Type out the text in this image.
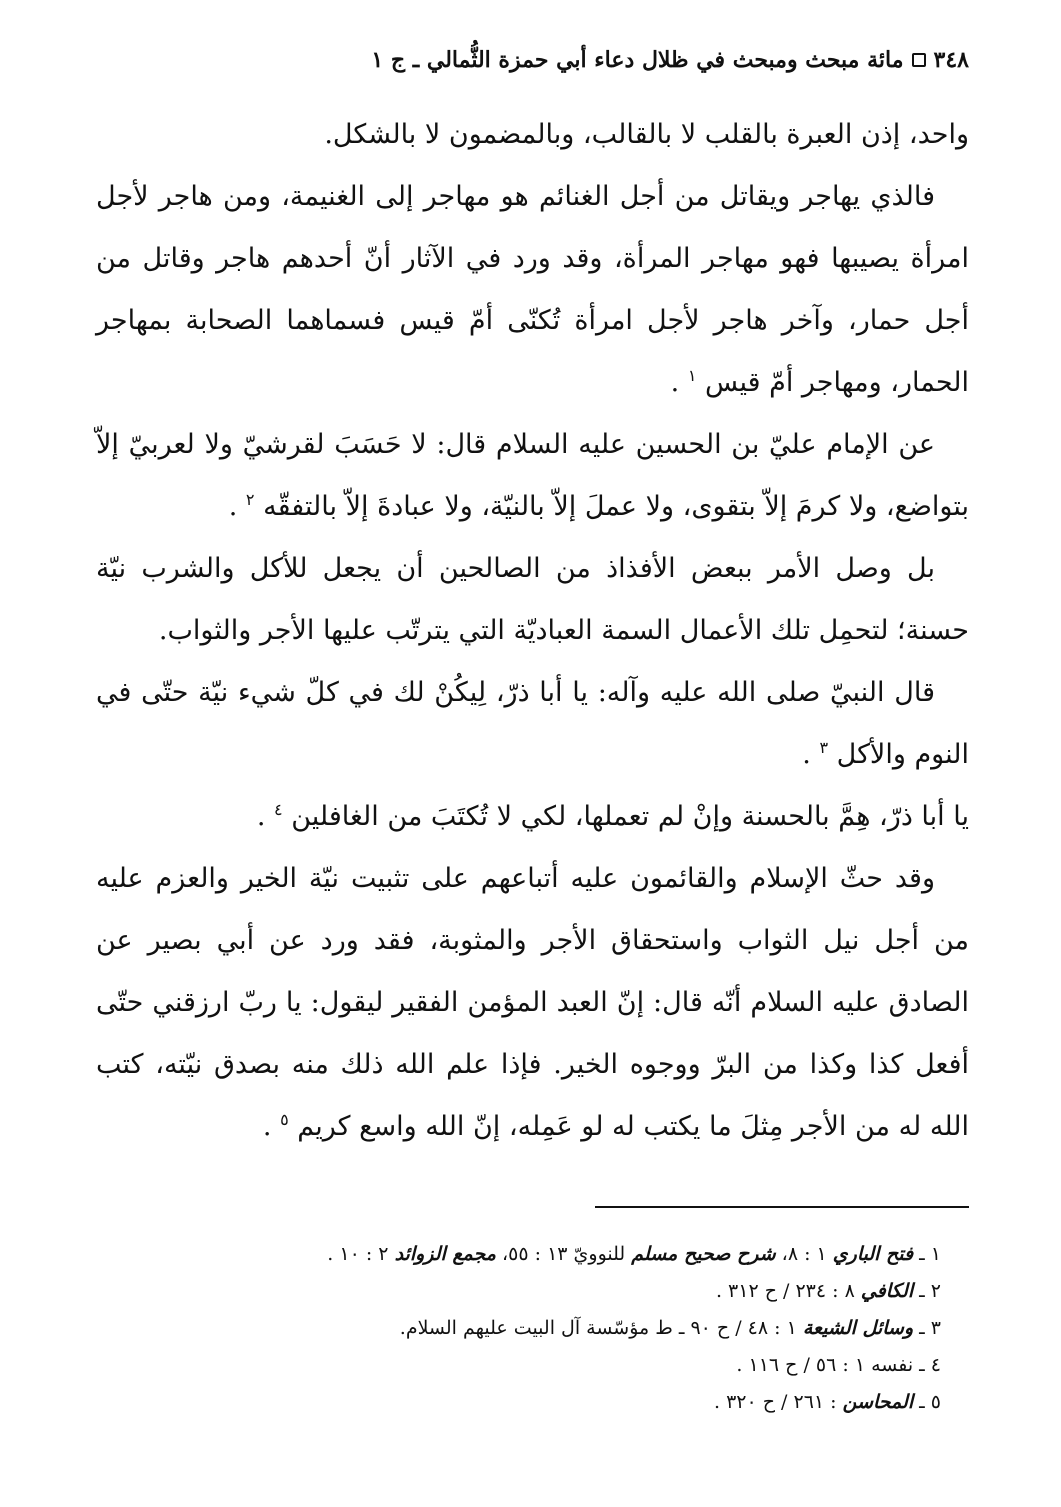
٣٤٨
مائة مبحث ومبحث في ظلال دعاء أبي حمزة الثُّمالي ـ ج ١

واحد، إذن العبرة بالقلب لا بالقالب، وبالمضمون لا بالشكل.

فالذي يهاجر ويقاتل من أجل الغنائم هو مهاجر إلى الغنيمة، ومن هاجر لأجل امرأة يصيبها فهو مهاجر المرأة، وقد ورد في الآثار أنّ أحدهم هاجر وقاتل من أجل حمار، وآخر هاجر لأجل امرأة تُكنّى أمّ قيس فسماهما الصحابة بمهاجر الحمار، ومهاجر أمّ قيس $^١$ .

عن الإمام عليّ بن الحسين عليه السلام قال: لا حَسَبَ لقرشيّ ولا لعربيّ إلاّ بتواضع، ولا كرمَ إلاّ بتقوى، ولا عملَ إلاّ بالنيّة، ولا عبادةَ إلاّ بالتفقّه $^٢$ .

بل وصل الأمر ببعض الأفذاذ من الصالحين أن يجعل للأكل والشرب نيّة حسنة؛ لتحمِل تلك الأعمال السمة العباديّة التي يترتّب عليها الأجر والثواب.

قال النبيّ صلى الله عليه وآله: يا أبا ذرّ، لِيكُنْ لك في كلّ شيء نيّة حتّى في النوم والأكل $^٣$ .

يا أبا ذرّ، هِمَّ بالحسنة وإنْ لم تعملها، لكي لا تُكتَبَ من الغافلين $^٤$ .

وقد حثّ الإسلام والقائمون عليه أتباعهم على تثبيت نيّة الخير والعزم عليه من أجل نيل الثواب واستحقاق الأجر والمثوبة، فقد ورد عن أبي بصير عن الصادق عليه السلام أنّه قال: إنّ العبد المؤمن الفقير ليقول: يا ربّ ارزقني حتّى أفعل كذا وكذا من البرّ ووجوه الخير. فإذا علم الله ذلك منه بصدق نيّته، كتب الله له من الأجر مِثلَ ما يكتب له لو عَمِله، إنّ الله واسع كريم $^٥$ .

١ ـ فتح الباري ١ : ٨، شرح صحيح مسلم للنوويّ ١٣ : ٥٥، مجمع الزوائد ٢ : ١٠ .

٢ ـ الكافي ٨ : ٢٣٤ / ح ٣١٢ .

٣ ـ وسائل الشيعة ١ : ٤٨ / ح ٩٠ ـ ط مؤسّسة آل البيت عليهم السلام.

٤ ـ نفسه ١ : ٥٦ / ح ١١٦ .

٥ ـ المحاسن : ٢٦١ / ح ٣٢٠ .
